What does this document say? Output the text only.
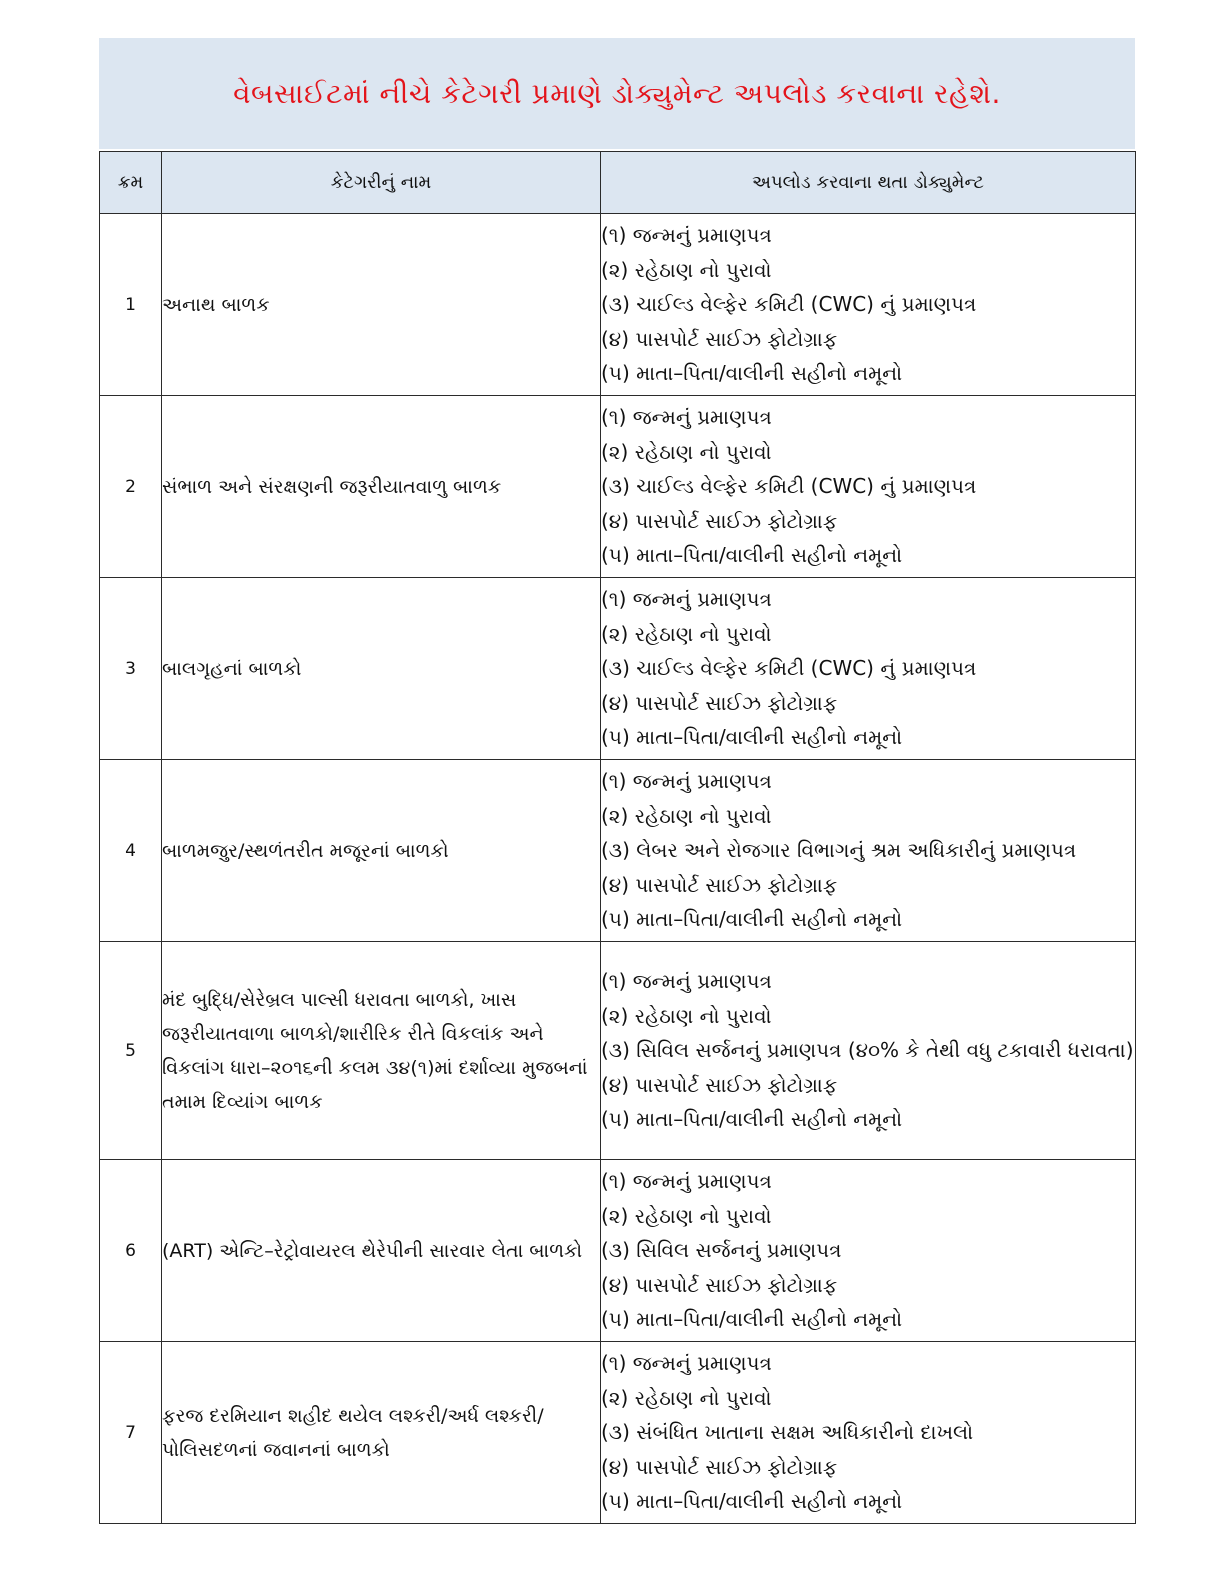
વેબસાઈટમાં નીચે કેટેગરી પ્રમાણે ડોક્યુમેન્ટ અપલોડ કરવાના રહેશે.
ક્રમ	કેટેગરીનું નામ	અપલોડ કરવાના થતા ડોક્યુમેન્ટ
1	અનાથ બાળક	(૧) જન્મનું પ્રમાણપત્ર
(૨) રહેઠાણ નો પુરાવો
(૩) ચાઈલ્ડ વેલ્ફેર કમિટી (CWC) નું પ્રમાણપત્ર
(૪) પાસપોર્ટ સાઈઝ ફોટોગ્રાફ
(૫) માતા–પિતા/વાલીની સહીનો નમૂનો

2	સંભાળ અને સંરક્ષણની જરૂરીયાતવાળુ બાળક	(૧) જન્મનું પ્રમાણપત્ર
(૨) રહેઠાણ નો પુરાવો
(૩) ચાઈલ્ડ વેલ્ફેર કમિટી (CWC) નું પ્રમાણપત્ર
(૪) પાસપોર્ટ સાઈઝ ફોટોગ્રાફ
(૫) માતા–પિતા/વાલીની સહીનો નમૂનો

3	બાલગૃહનાં બાળકો	(૧) જન્મનું પ્રમાણપત્ર
(૨) રહેઠાણ નો પુરાવો
(૩) ચાઈલ્ડ વેલ્ફેર કમિટી (CWC) નું પ્રમાણપત્ર
(૪) પાસપોર્ટ સાઈઝ ફોટોગ્રાફ
(૫) માતા–પિતા/વાલીની સહીનો નમૂનો

4	બાળમજુર/સ્થળંતરીત મજૂરનાં બાળકો	(૧) જન્મનું પ્રમાણપત્ર
(૨) રહેઠાણ નો પુરાવો
(૩) લેબર અને રોજગાર વિભાગનું શ્રમ અધિકારીનું પ્રમાણપત્ર
(૪) પાસપોર્ટ સાઈઝ ફોટોગ્રાફ
(૫) માતા–પિતા/વાલીની સહીનો નમૂનો

5	મંદ બુદ્ધિ/સેરેબ્રલ પાલ્સી ધરાવતા બાળકો, ખાસ જરૂરીયાતવાળા બાળકો/શારીરિક રીતે વિકલાંક અને વિકલાંગ ધારા–૨૦૧૬ની કલમ ૩૪(૧)માં દર્શાવ્યા મુજબનાં તમામ દિવ્યાંગ બાળક	(૧) જન્મનું પ્રમાણપત્ર
(૨) રહેઠાણ નો પુરાવો
(૩) સિવિલ સર્જનનું પ્રમાણપત્ર (૪૦% કે તેથી વધુ ટકાવારી ધરાવતા)
(૪) પાસપોર્ટ સાઈઝ ફોટોગ્રાફ
(૫) માતા–પિતા/વાલીની સહીનો નમૂનો

6	(ART) એન્ટિ–રેટ્રોવાયરલ થેરેપીની સારવાર લેતા બાળકો	(૧) જન્મનું પ્રમાણપત્ર
(૨) રહેઠાણ નો પુરાવો
(૩) સિવિલ સર્જનનું પ્રમાણપત્ર
(૪) પાસપોર્ટ સાઈઝ ફોટોગ્રાફ
(૫) માતા–પિતા/વાલીની સહીનો નમૂનો

7	ફરજ દરમિયાન શહીદ થયેલ લશ્કરી/અર્ધ લશ્કરી/પોલિસદળનાં જવાનનાં બાળકો	(૧) જન્મનું પ્રમાણપત્ર
(૨) રહેઠાણ નો પુરાવો
(૩) સંબંધિત ખાતાના સક્ષમ અધિકારીનો દાખલો
(૪) પાસપોર્ટ સાઈઝ ફોટોગ્રાફ
(૫) માતા–પિતા/વાલીની સહીનો નમૂનો
